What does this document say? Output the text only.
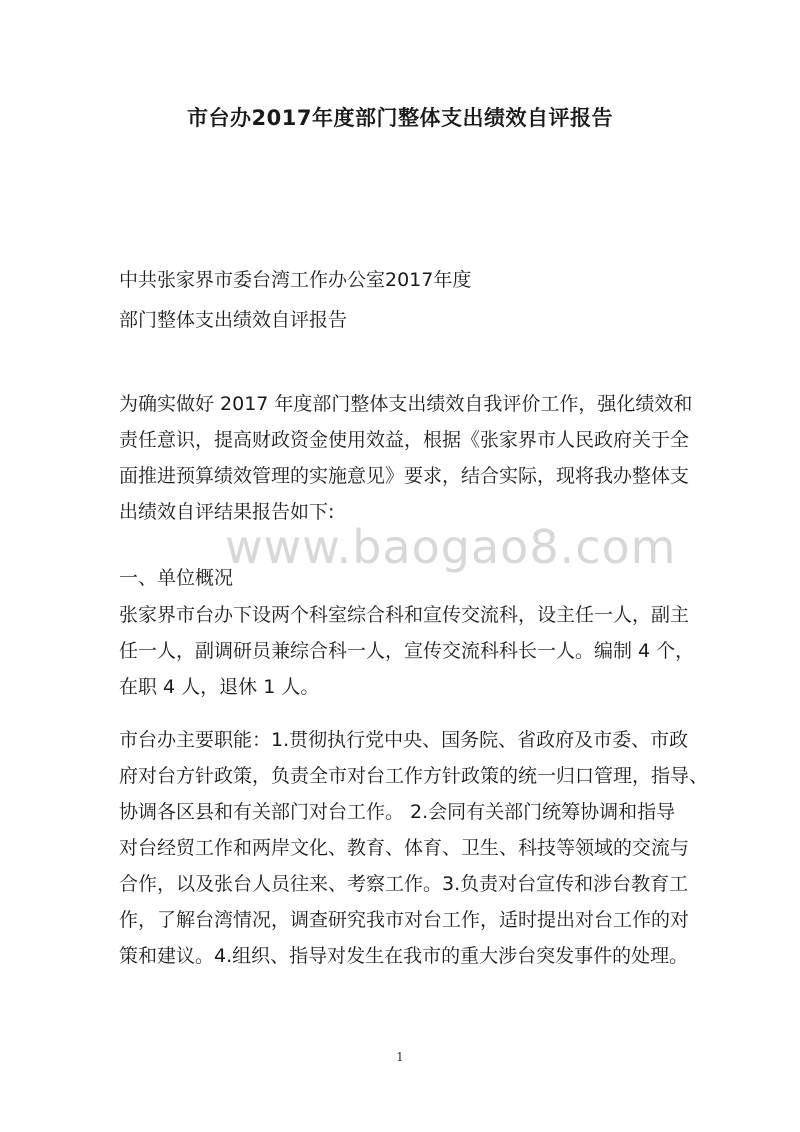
市台办2017年度部门整体支出绩效自评报告
中共张家界市委台湾工作办公室2017年度
部门整体支出绩效自评报告
为确实做好 2017 年度部门整体支出绩效自我评价工作，强化绩效和
责任意识，提高财政资金使用效益，根据《张家界市人民政府关于全
面推进预算绩效管理的实施意见》要求，结合实际，现将我办整体支
出绩效自评结果报告如下:
www.baogao8.com
一、单位概况
张家界市台办下设两个科室综合科和宣传交流科，设主任一人，副主
任一人，副调研员兼综合科一人，宣传交流科科长一人。编制 4 个，
在职 4 人，退休 1 人。
市台办主要职能：1.贯彻执行党中央、国务院、省政府及市委、市政
府对台方针政策，负责全市对台工作方针政策的统一归口管理，指导、
协调各区县和有关部门对台工作。 2.会同有关部门统筹协调和指导
对台经贸工作和两岸文化、教育、体育、卫生、科技等领域的交流与
合作，以及张台人员往来、考察工作。3.负责对台宣传和涉台教育工
作，了解台湾情况，调查研究我市对台工作，适时提出对台工作的对
策和建议。4.组织、指导对发生在我市的重大涉台突发事件的处理。
1
